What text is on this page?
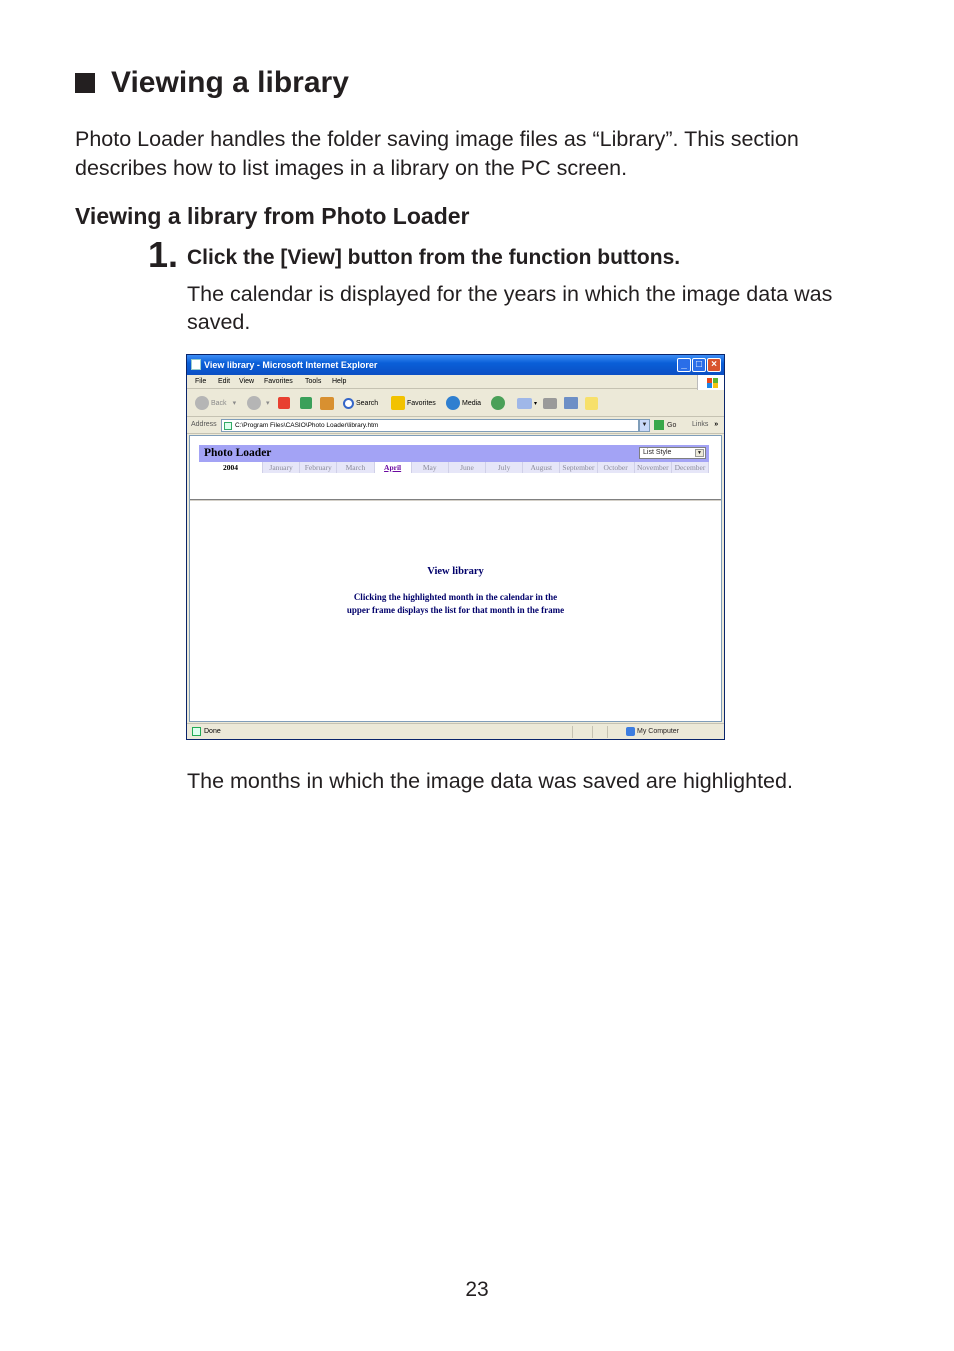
Viewing a library
Photo Loader handles the folder saving image files as “Library”. This section describes how to list images in a library on the PC screen.
Viewing a library from Photo Loader
1. Click the [View] button from the function buttons.
The calendar is displayed for the years in which the image data was saved.
View library - Microsoft Internet Explorer	_ □ ×
File Edit View Favorites Tools Help
Back ▾	▾	Search	Favorites	Media	▾
Address	C:\Program Files\CASIO\Photo Loader\library.htm	▼	Go Links »
Photo Loader	List Style	▼
2004	January	February	March	April	May	June	July	August	September	October	November December
View library
Clicking the highlighted month in the calendar in the
upper frame displays the list for that month in the frame
Done	My Computer
The months in which the image data was saved are highlighted.
23
